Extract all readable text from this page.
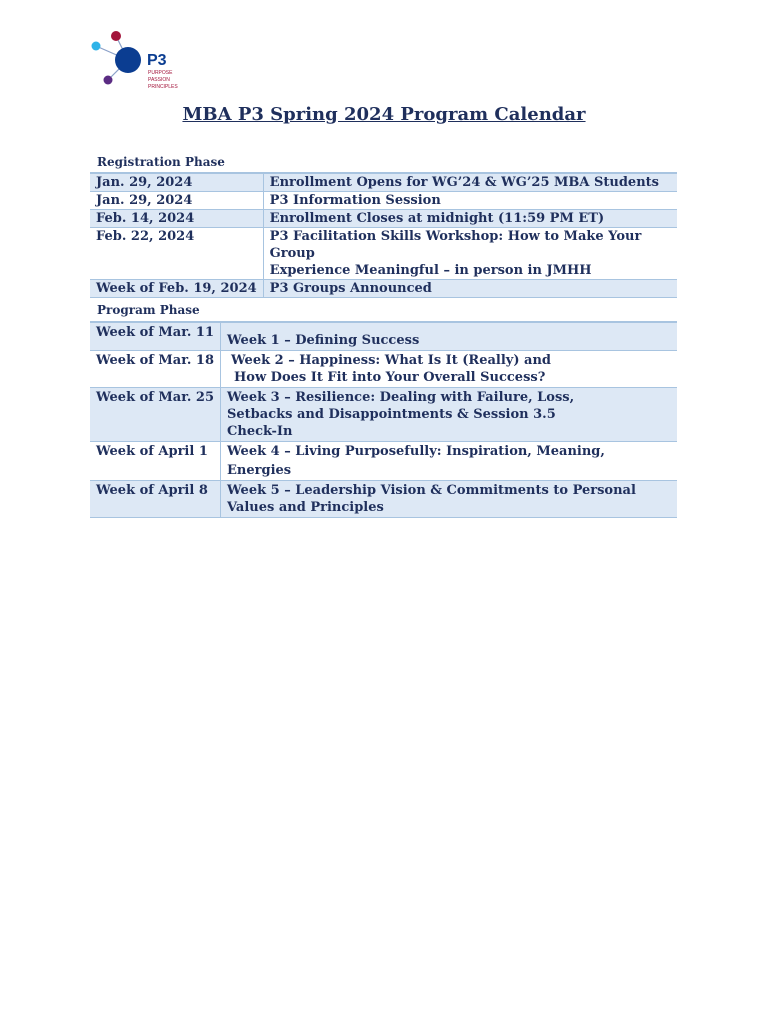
P3
PURPOSE
PASSION
PRINCIPLES
MBA P3 Spring 2024 Program Calendar
Registration Phase
Jan. 29, 2024	Enrollment Opens for WG’24 & WG’25 MBA Students

Jan. 29, 2024	P3 Information Session

Feb. 14, 2024	Enrollment Closes at midnight (11:59 PM ET)

Feb. 22, 2024	P3 Facilitation Skills Workshop: How to Make Your Group
Experience Meaningful – in person in JMHH

Week of Feb. 19, 2024	P3 Groups Announced
Program Phase
Week of Mar. 11	Week 1 – Defining Success

Week of Mar. 18	Week 2 – Happiness: What Is It (Really) and
How Does It Fit into Your Overall Success?

Week of Mar. 25	Week 3 – Resilience: Dealing with Failure, Loss,
Setbacks and Disappointments & Session 3.5
Check-In

Week of April 1	Week 4 – Living Purposefully: Inspiration, Meaning,
Energies

Week of April 8	Week 5 – Leadership Vision & Commitments to Personal
Values and Principles
